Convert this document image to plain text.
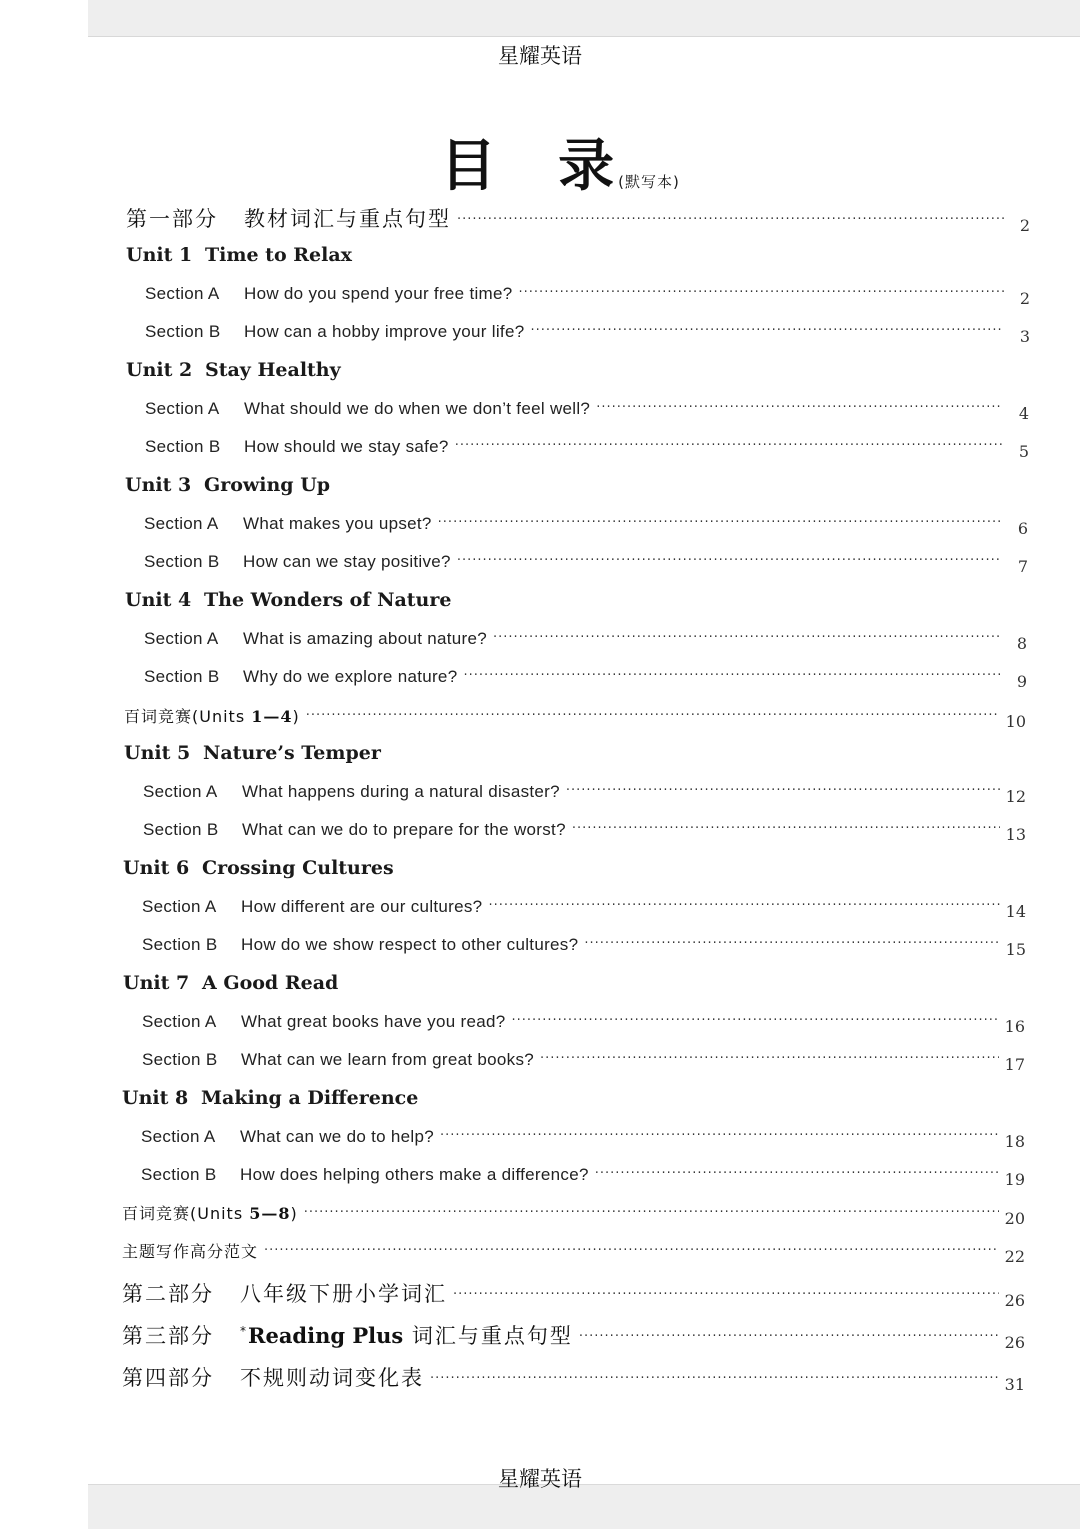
星耀英语
目 录 (默写本)
第一部分 教材词汇与重点句型 ·····	2
Unit 1 Time to Relax
Section A How do you spend your free time? ·····	2
Section B How can a hobby improve your life? ·····	3
Unit 2 Stay Healthy
Section A What should we do when we don’t feel well? ·····	4
Section B How should we stay safe? ·····	5
Unit 3 Growing Up
Section A What makes you upset? ·····	6
Section B How can we stay positive? ·····	7
Unit 4 The Wonders of Nature
Section A What is amazing about nature? ·····	8
Section B Why do we explore nature? ·····	9
百词竞赛(Units 1—4) ·····	10
Unit 5 Nature’s Temper
Section A What happens during a natural disaster? ·····	12
Section B What can we do to prepare for the worst? ·····	13
Unit 6 Crossing Cultures
Section A How different are our cultures? ·····	14
Section B How do we show respect to other cultures? ·····	15
Unit 7 A Good Read
Section A What great books have you read? ·····	16
Section B What can we learn from great books? ·····	17
Unit 8 Making a Difference
Section A What can we do to help? ·····	18
Section B How does helping others make a difference? ·····	19
百词竞赛(Units 5—8) ·····	20
主题写作高分范文 ·····	22
第二部分 八年级下册小学词汇 ·····	26
第三部分 *Reading Plus 词汇与重点句型 ·····	26
第四部分 不规则动词变化表 ·····	31
星耀英语
